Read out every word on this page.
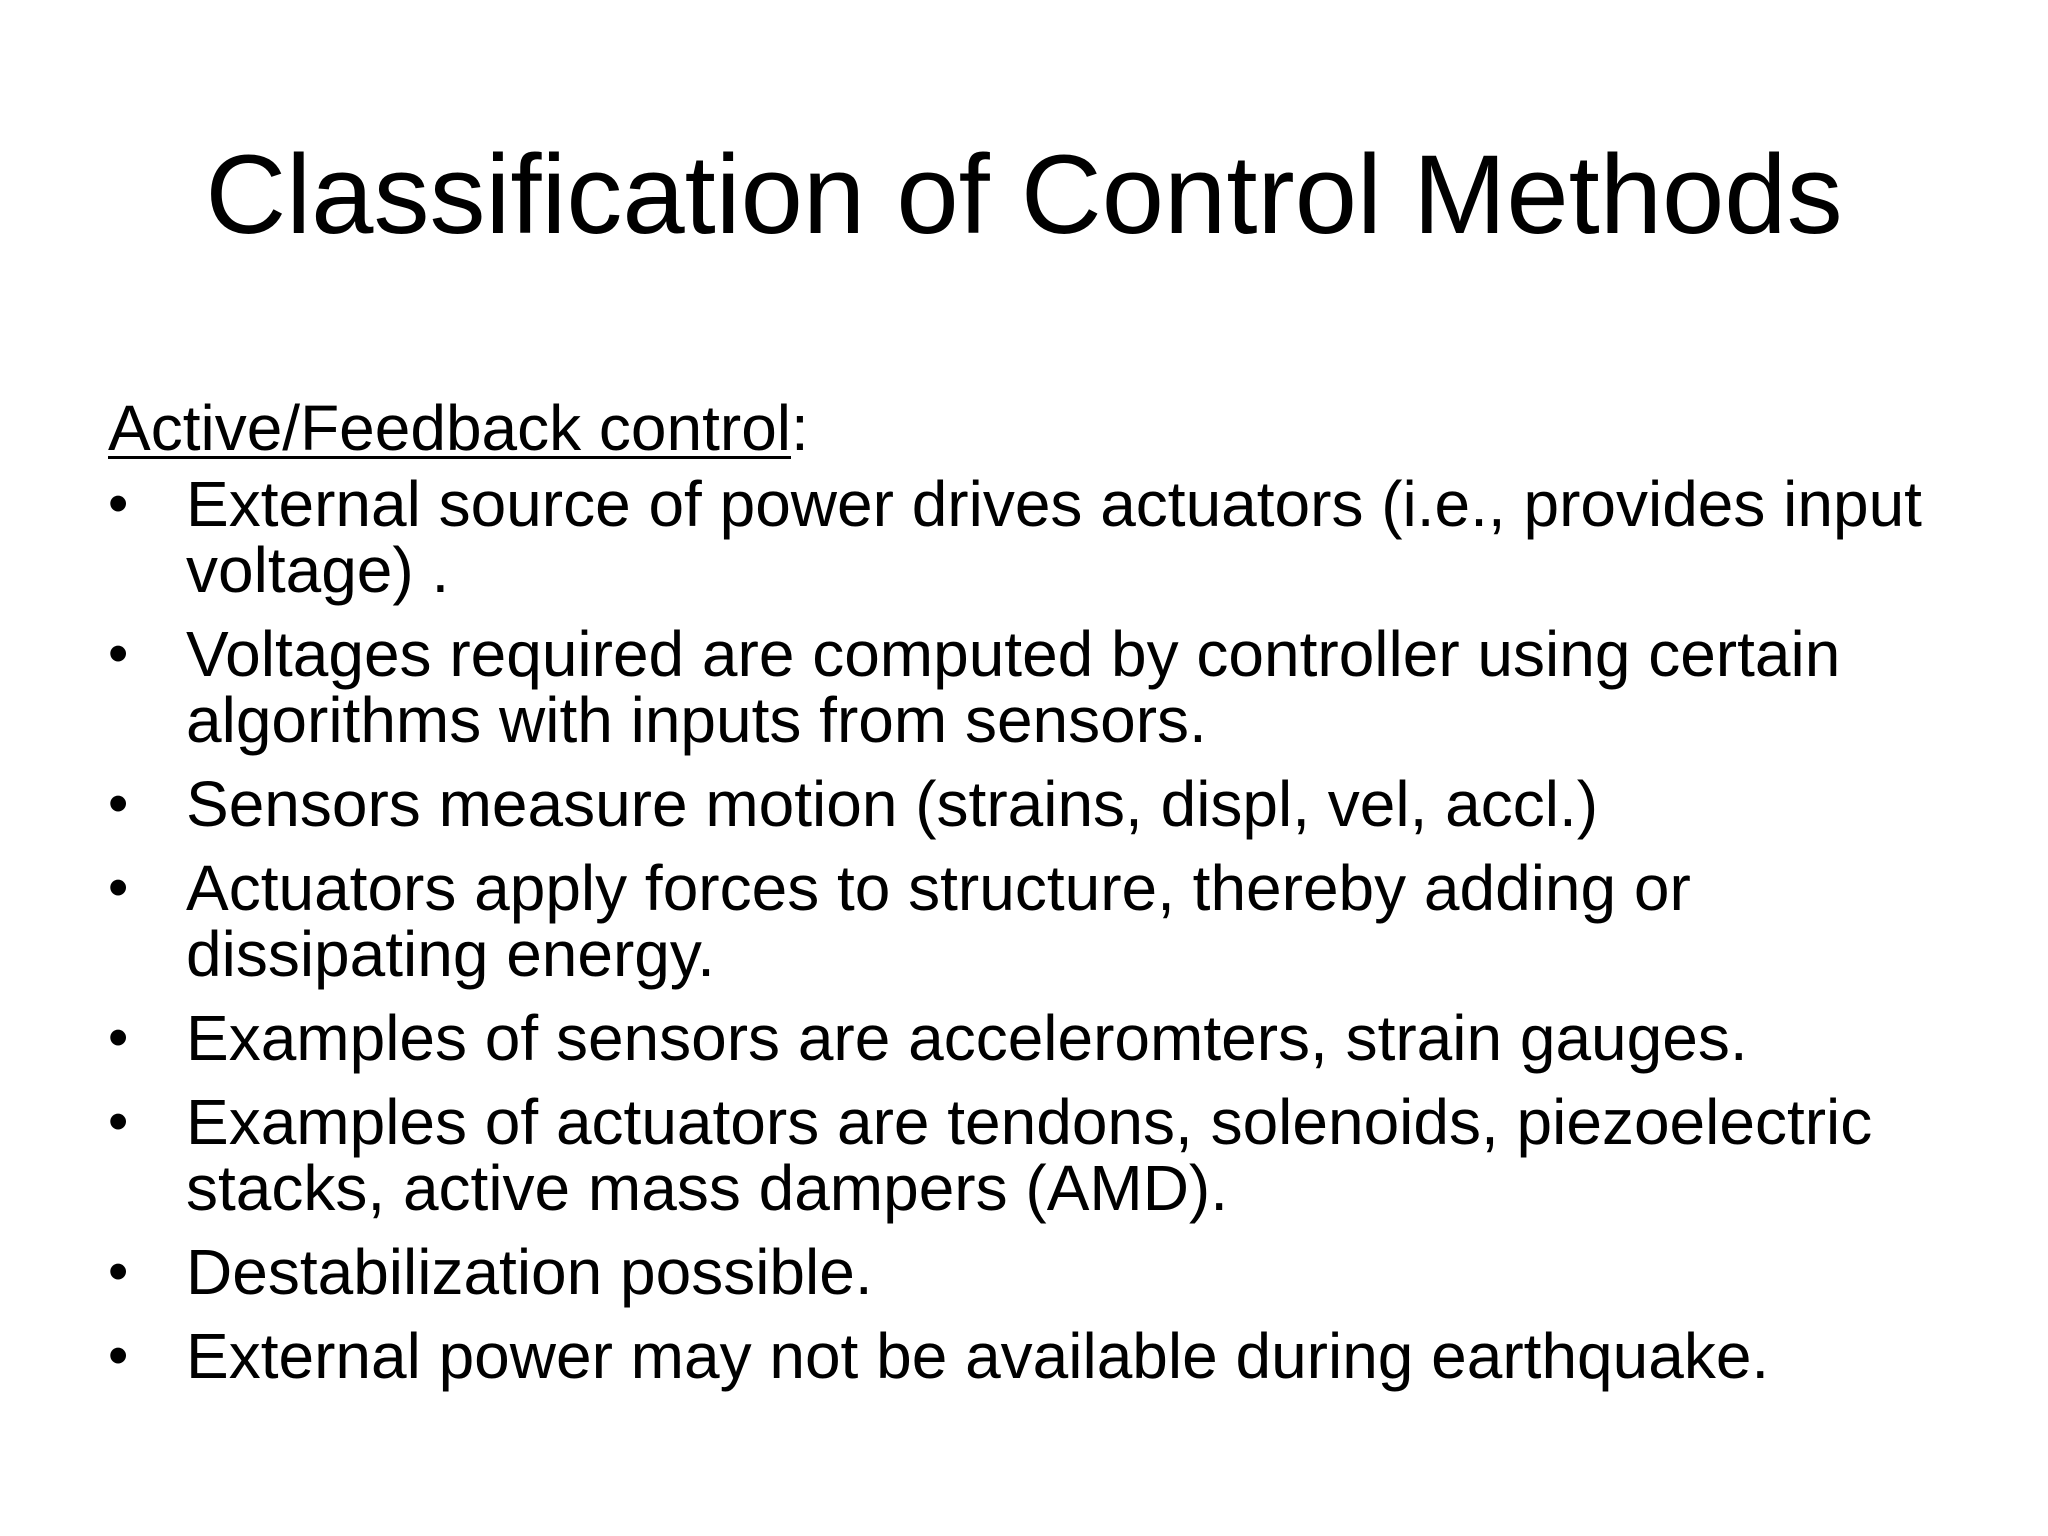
Classification of Control Methods
Active/Feedback control:
• External source of power drives actuators (i.e., provides input voltage) .
• Voltages required are computed by controller using certain algorithms with inputs from sensors.
• Sensors measure motion (strains, displ, vel, accl.)
• Actuators apply forces to structure, thereby adding or dissipating energy.
• Examples of sensors are acceleromters, strain gauges.
• Examples of actuators are tendons, solenoids, piezoelectric stacks, active mass dampers (AMD).
• Destabilization possible.
• External power may not be available during earthquake.
